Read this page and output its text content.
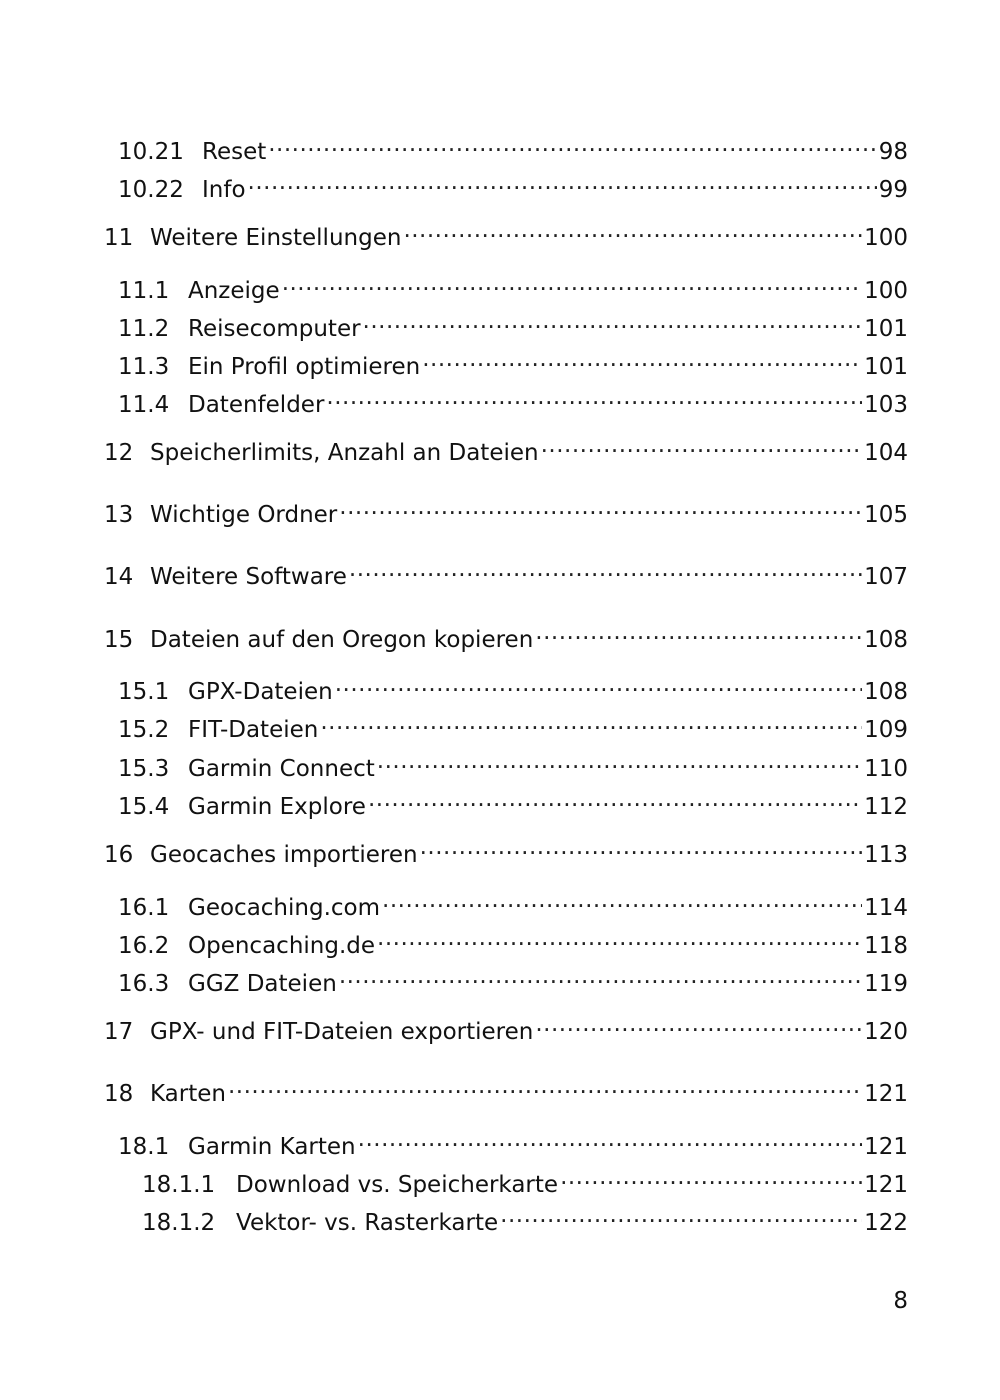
10.21 Reset .....	98
10.22 Info .....	99
11 Weitere Einstellungen .....	100
11.1 Anzeige .....	100
11.2 Reisecomputer .....	101
11.3 Ein Profil optimieren .....	101
11.4 Datenfelder .....	103
12 Speicherlimits, Anzahl an Dateien .....	104
13 Wichtige Ordner .....	105
14 Weitere Software .....	107
15 Dateien auf den Oregon kopieren .....	108
15.1 GPX-Dateien .....	108
15.2 FIT-Dateien .....	109
15.3 Garmin Connect .....	110
15.4 Garmin Explore .....	112
16 Geocaches importieren .....	113
16.1 Geocaching.com .....	114
16.2 Opencaching.de .....	118
16.3 GGZ Dateien .....	119
17 GPX- und FIT-Dateien exportieren .....	120
18 Karten .....	121
18.1 Garmin Karten .....	121
18.1.1 Download vs. Speicherkarte .....	121
18.1.2 Vektor- vs. Rasterkarte .....	122
8
